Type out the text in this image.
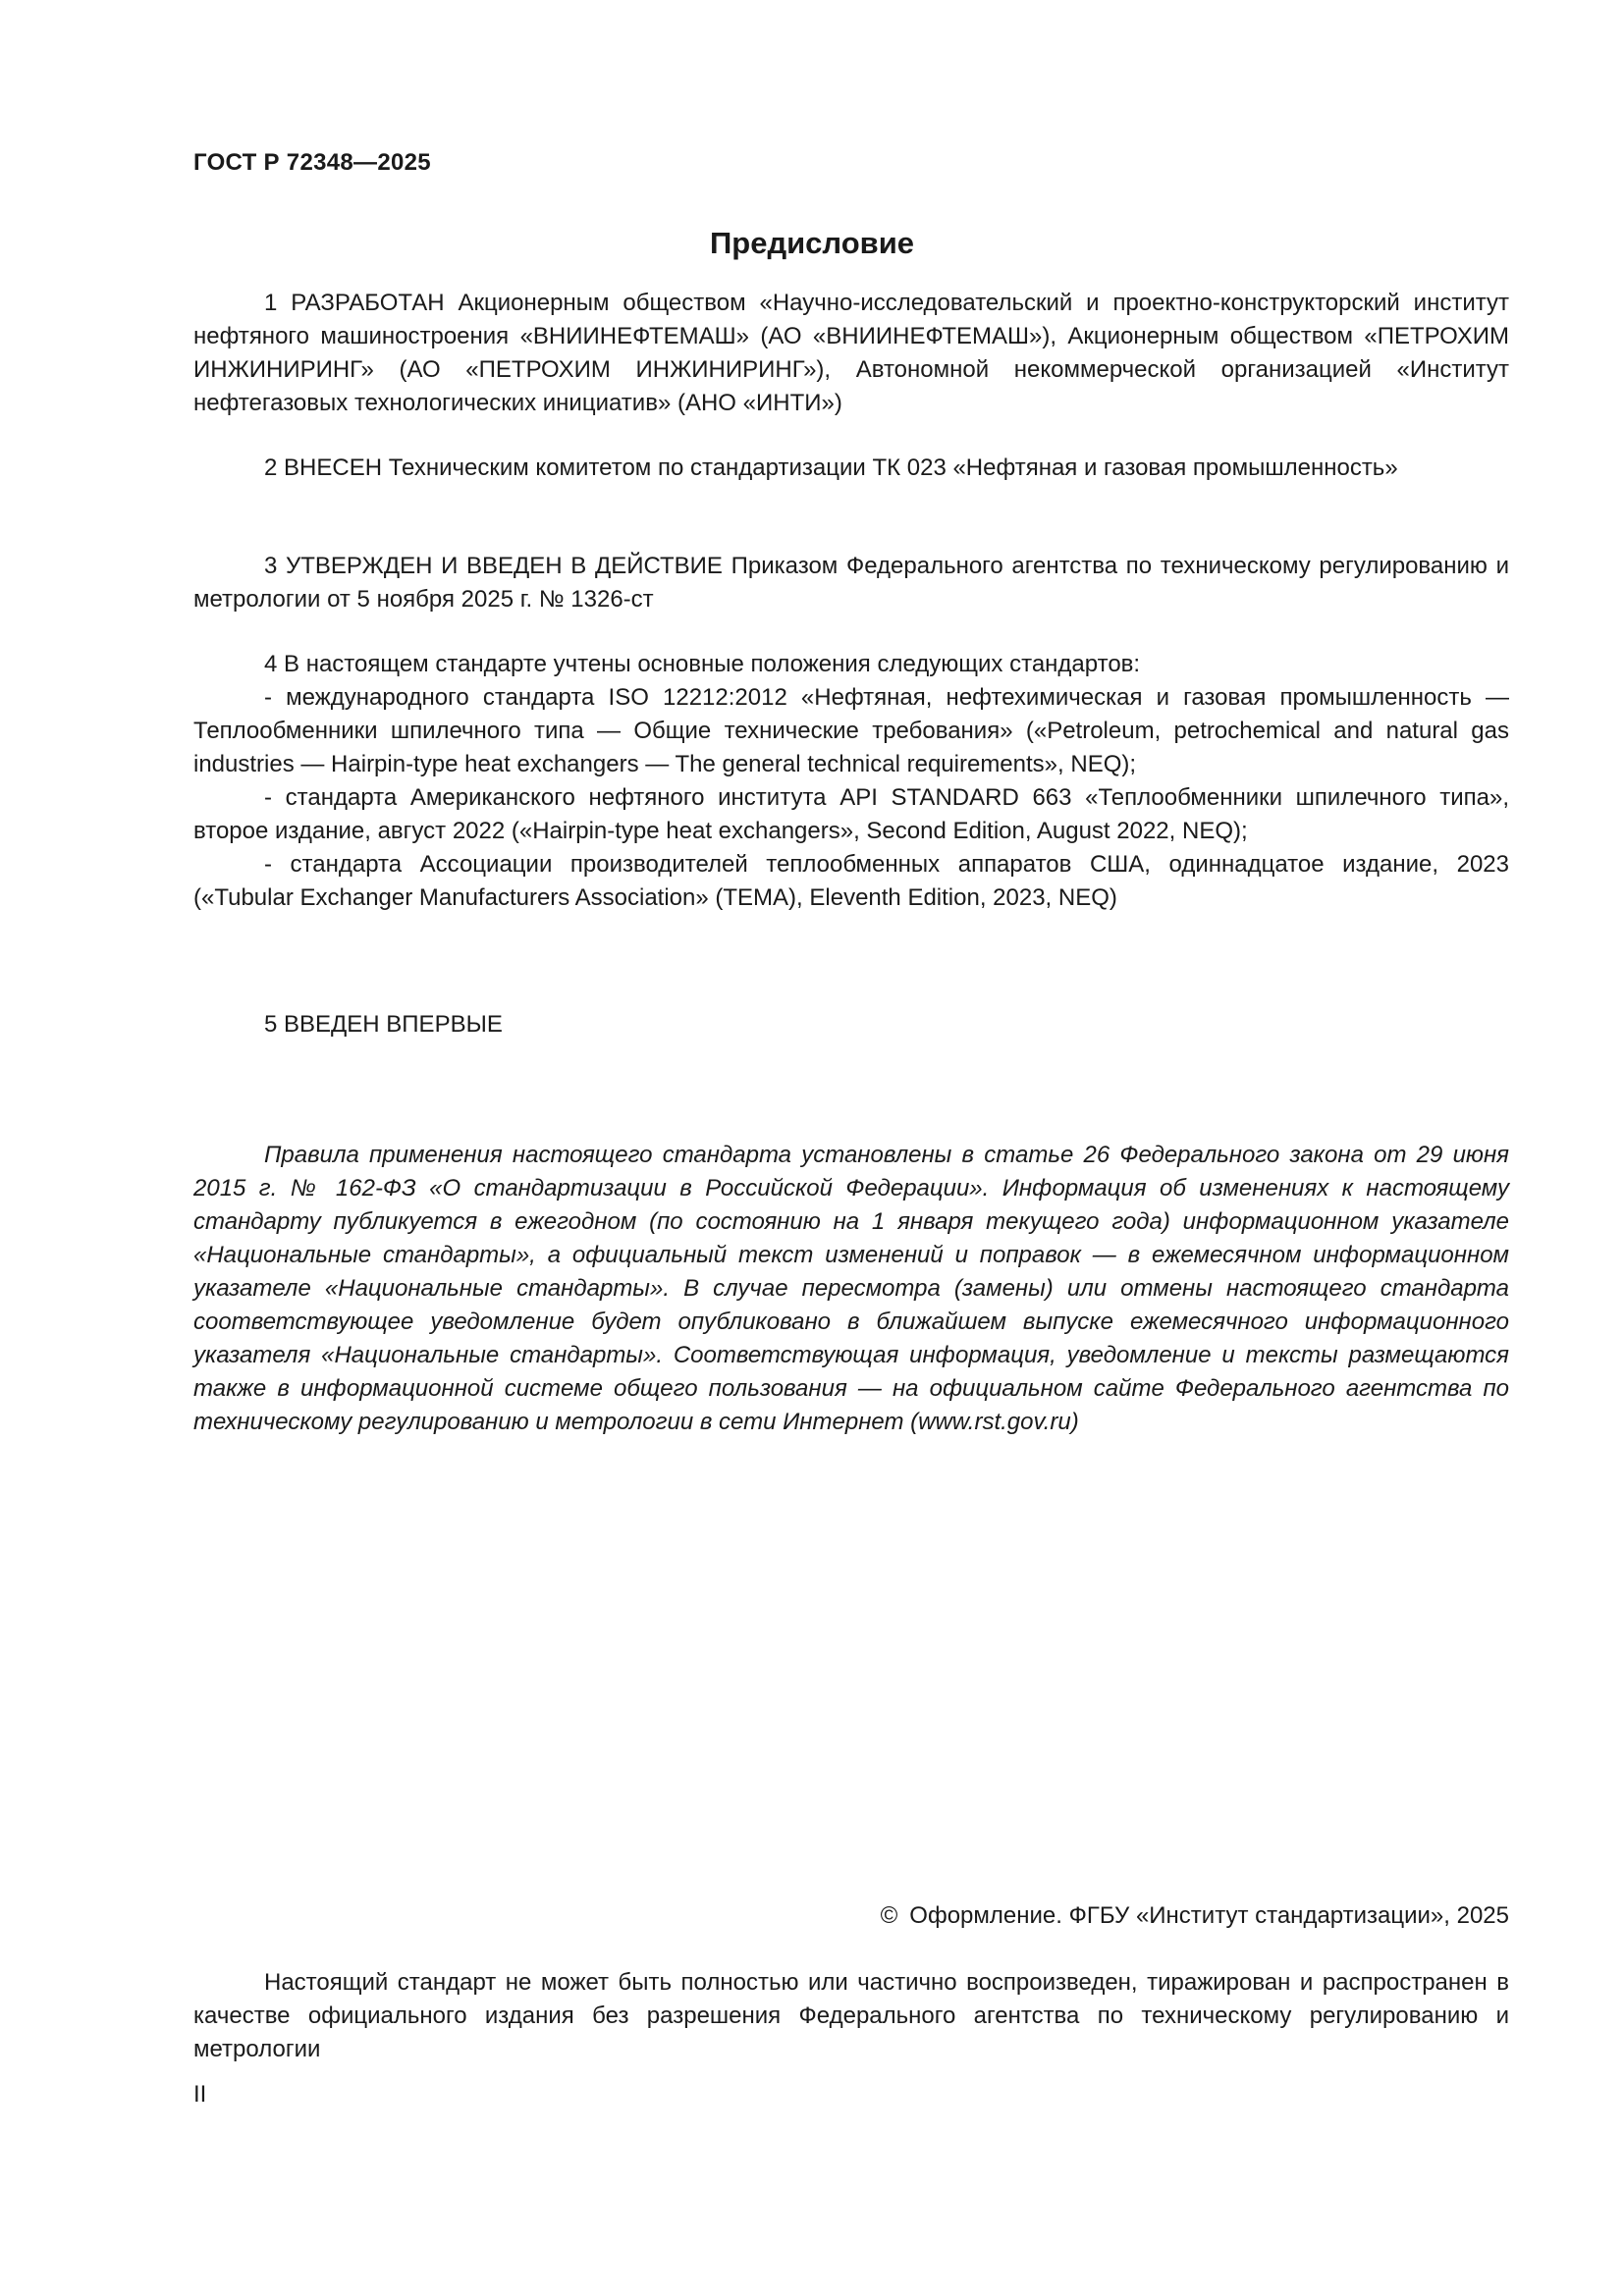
ГОСТ Р 72348—2025
Предисловие

1 РАЗРАБОТАН Акционерным обществом «Научно-исследовательский и проектно-конструкторский институт нефтяного машиностроения «ВНИИНЕФТЕМАШ» (АО «ВНИИНЕФТЕМАШ»), Акционерным обществом «ПЕТРОХИМ ИНЖИНИРИНГ» (АО «ПЕТРОХИМ ИНЖИНИРИНГ»), Автономной некоммерческой организацией «Институт нефтегазовых технологических инициатив» (АНО «ИНТИ»)

2 ВНЕСЕН Техническим комитетом по стандартизации ТК 023 «Нефтяная и газовая промышленность»

3 УТВЕРЖДЕН И ВВЕДЕН В ДЕЙСТВИЕ Приказом Федерального агентства по техническому регулированию и метрологии от 5 ноября 2025 г. № 1326-ст

4 В настоящем стандарте учтены основные положения следующих стандартов:

- международного стандарта ISO 12212:2012 «Нефтяная, нефтехимическая и газовая промышленность — Теплообменники шпилечного типа — Общие технические требования» («Petroleum, petrochemical and natural gas industries — Hairpin-type heat exchangers — The general technical requirements», NEQ);

- стандарта Американского нефтяного института API STANDARD 663 «Теплообменники шпилечного типа», второе издание, август 2022 («Hairpin-type heat exchangers», Second Edition, August 2022, NEQ);

- стандарта Ассоциации производителей теплообменных аппаратов США, одиннадцатое издание, 2023 («Tubular Exchanger Manufacturers Association» (TEMA), Eleventh Edition, 2023, NEQ)

5 ВВЕДЕН ВПЕРВЫЕ

Правила применения настоящего стандарта установлены в статье 26 Федерального закона от 29 июня 2015 г. № 162-ФЗ «О стандартизации в Российской Федерации». Информация об изменениях к настоящему стандарту публикуется в ежегодном (по состоянию на 1 января текущего года) информационном указателе «Национальные стандарты», а официальный текст изменений и поправок — в ежемесячном информационном указателе «Национальные стандарты». В случае пересмотра (замены) или отмены настоящего стандарта соответствующее уведомление будет опубликовано в ближайшем выпуске ежемесячного информационного указателя «Национальные стандарты». Соответствующая информация, уведомление и тексты размещаются также в информационной системе общего пользования — на официальном сайте Федерального агентства по техническому регулированию и метрологии в сети Интернет (www.rst.gov.ru)

© Оформление. ФГБУ «Институт стандартизации», 2025

Настоящий стандарт не может быть полностью или частично воспроизведен, тиражирован и распространен в качестве официального издания без разрешения Федерального агентства по техническому регулированию и метрологии

II
